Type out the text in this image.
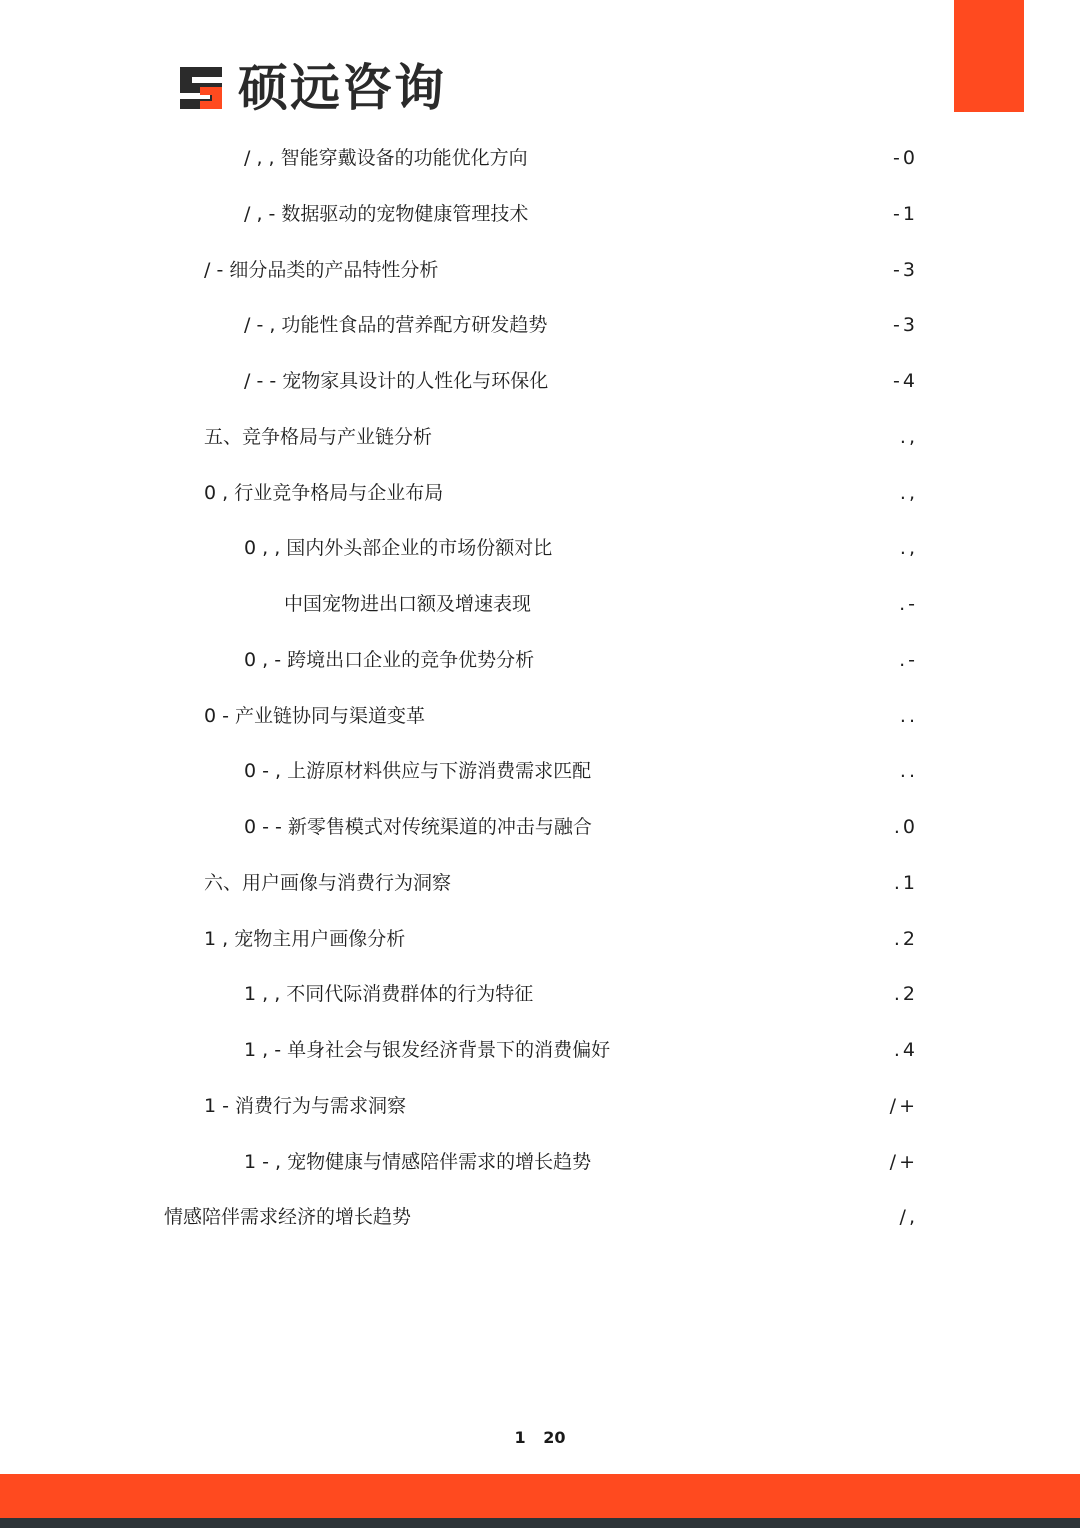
硕远咨询
/ , , 智能穿戴设备的功能优化方向	-0
/ , - 数据驱动的宠物健康管理技术	-1
/ - 细分品类的产品特性分析	-3
/ - , 功能性食品的营养配方研发趋势	-3
/ - - 宠物家具设计的人性化与环保化	-4
五、竞争格局与产业链分析	.,
0 , 行业竞争格局与企业布局	.,
0 , , 国内外头部企业的市场份额对比	.,
中国宠物进出口额及增速表现	.-
0 , - 跨境出口企业的竞争优势分析	.-
0 - 产业链协同与渠道变革	..
0 - , 上游原材料供应与下游消费需求匹配	..
0 - - 新零售模式对传统渠道的冲击与融合	.0
六、用户画像与消费行为洞察	.1
1 , 宠物主用户画像分析	.2
1 , , 不同代际消费群体的行为特征	.2
1 , - 单身社会与银发经济背景下的消费偏好	.4
1 - 消费行为与需求洞察	/+
1 - , 宠物健康与情感陪伴需求的增长趋势	/+
情感陪伴需求经济的增长趋势	/,
1 20
